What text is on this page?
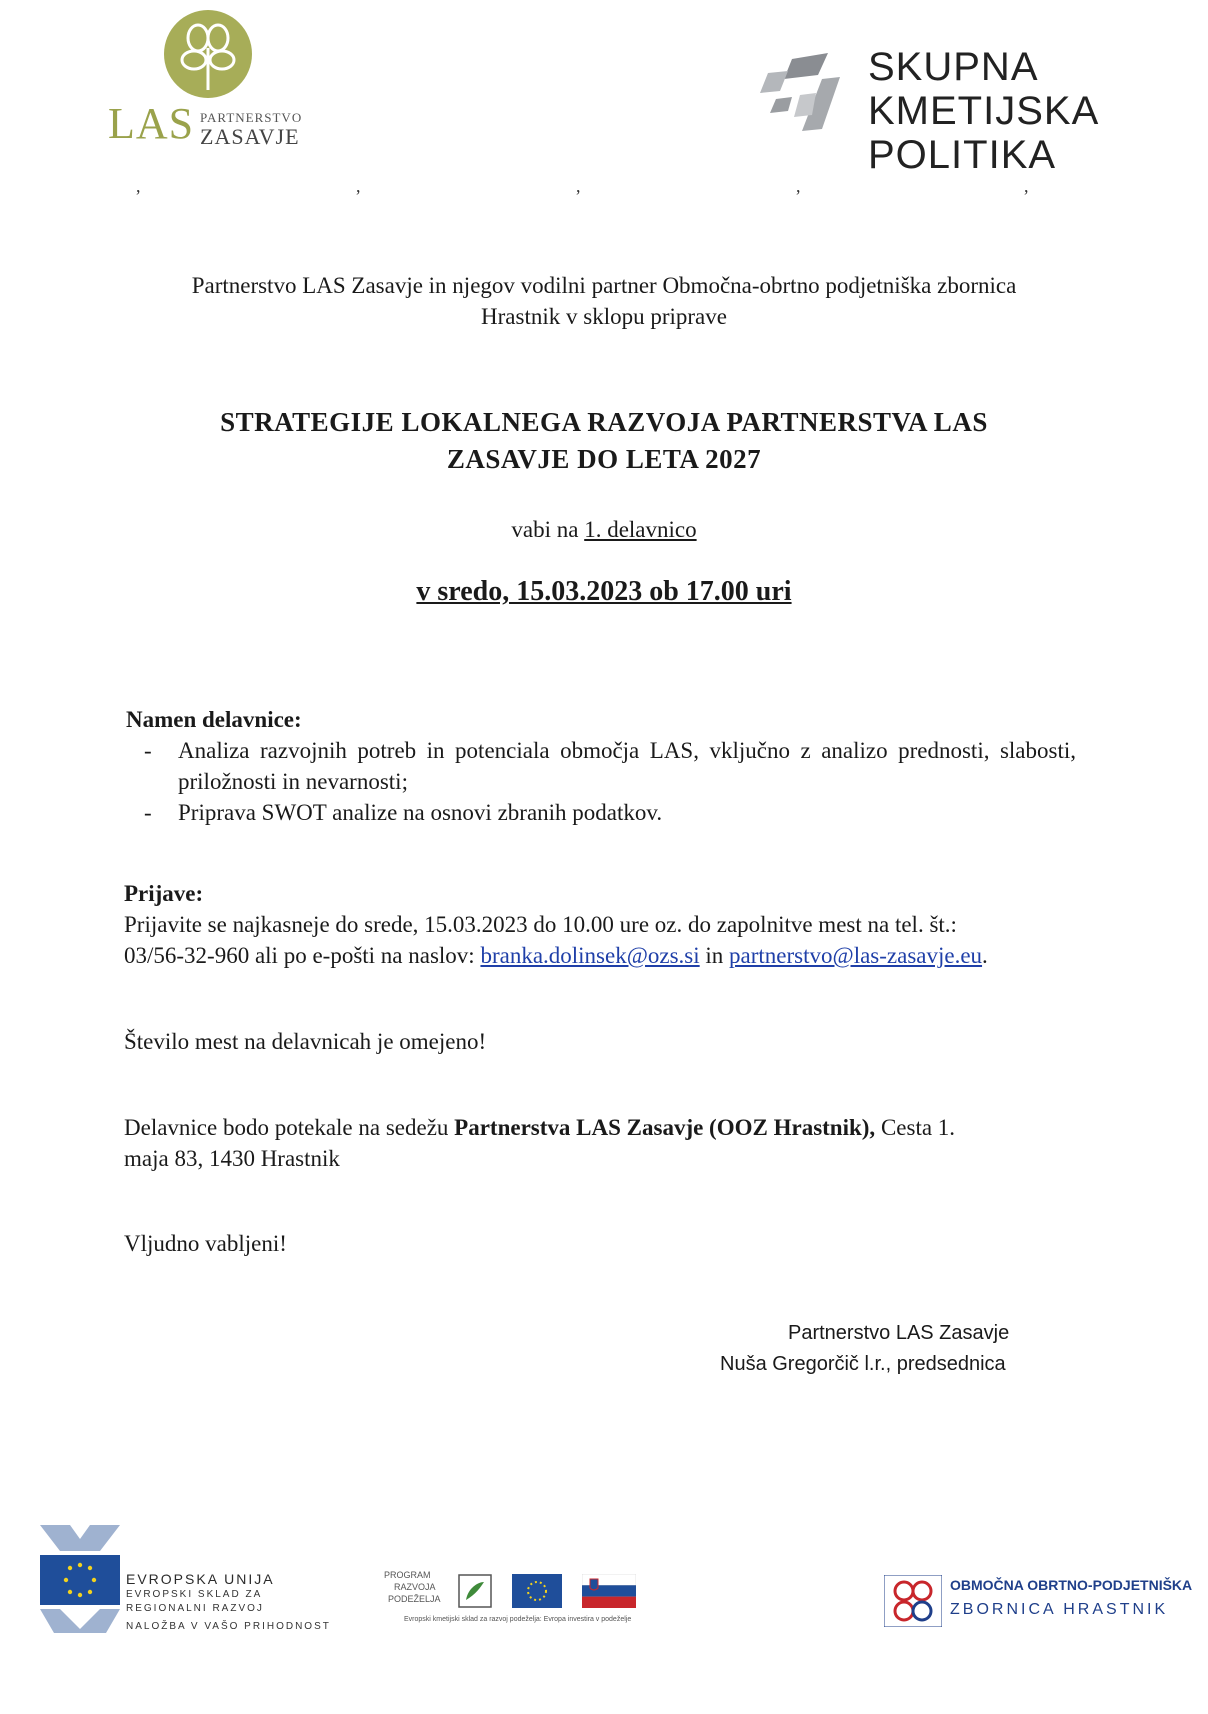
LAS PARTNERSTVO
ZASAVJE
SKUPNA
KMETIJSKA
POLITIKA
,	,	,	,	,
Partnerstvo LAS Zasavje in njegov vodilni partner Območna-obrtno podjetniška zbornica
Hrastnik v sklopu priprave
STRATEGIJE LOKALNEGA RAZVOJA PARTNERSTVA LAS
ZASAVJE DO LETA 2027
vabi na 1. delavnico
v sredo, 15.03.2023 ob 17.00 uri
Namen delavnice:
-	Analiza razvojnih potreb in potenciala območja LAS, vključno z analizo prednosti, slabosti, priložnosti in nevarnosti;
-	Priprava SWOT analize na osnovi zbranih podatkov.
Prijave:
Prijavite se najkasneje do srede, 15.03.2023 do 10.00 ure oz. do zapolnitve mest na tel. št.:
03/56-32-960 ali po e-pošti na naslov: branka.dolinsek@ozs.si in partnerstvo@las-zasavje.eu.
Število mest na delavnicah je omejeno!
Delavnice bodo potekale na sedežu Partnerstva LAS Zasavje (OOZ Hrastnik), Cesta 1.
maja 83, 1430 Hrastnik
Vljudno vabljeni!
Partnerstvo LAS Zasavje
Nuša Gregorčič l.r., predsednica
EVROPSKA UNIJA
EVROPSKI SKLAD ZA
REGIONALNI RAZVOJ
NALOŽBA V VAŠO PRIHODNOST
PROGRAM
RAZVOJA
PODEŽELJA
Evropski kmetijski sklad za razvoj podeželja: Evropa investira v podeželje
OBMOČNA OBRTNO-PODJETNIŠKA
ZBORNICA HRASTNIK
